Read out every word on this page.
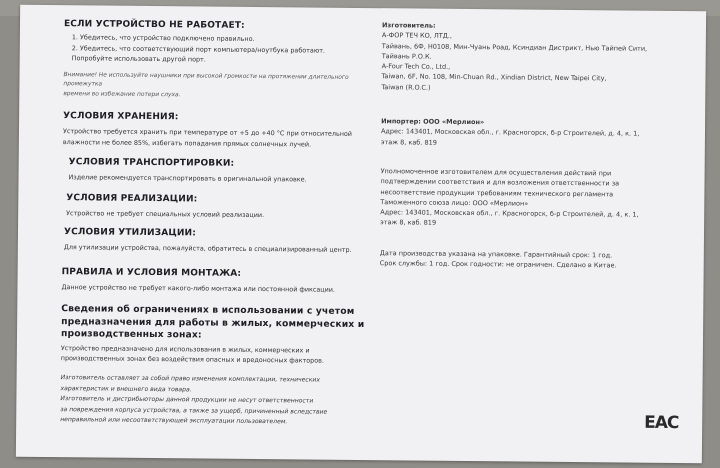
ЕСЛИ УСТРОЙСТВО НЕ РАБОТАЕТ:
1. Убедитесь, что устройство подключено правильно.
2. Убедитесь, что соответствующий порт компьютера/ноутбука работают.
Попробуйте использовать другой порт.
Внимание! Не используйте наушники при высокой громкости на протяжении длительного промежутка
времени во избежание потери слуха.
УСЛОВИЯ ХРАНЕНИЯ:
Устройство требуется хранить при температуре от +5 до +40 °C при относительной
влажности не более 85%, избегать попадания прямых солнечных лучей.
УСЛОВИЯ ТРАНСПОРТИРОВКИ:
Изделие рекомендуется транспортировать в оригинальной упаковке.
УСЛОВИЯ РЕАЛИЗАЦИИ:
Устройство не требует специальных условий реализации.
УСЛОВИЯ УТИЛИЗАЦИИ:
Для утилизации устройства, пожалуйста, обратитесь в специализированный центр.
ПРАВИЛА И УСЛОВИЯ МОНТАЖА:
Данное устройство не требует какого-либо монтажа или постоянной фиксации.
Сведения об ограничениях в использовании с учетом
предназначения для работы в жилых, коммерческих и
производственных зонах:
Устройство предназначено для использования в жилых, коммерческих и
производственных зонах без воздействия опасных и вредоносных факторов.
Изготовитель оставляет за собой право изменения комплектации, технических
характеристик и внешнего вида товара.
Изготовитель и дистрибьюторы данной продукции не несут ответственности
за повреждения корпуса устройства, а также за ущерб, причиненный вследствие
неправильной или несоответствующей эксплуатации пользователем.
Изготовитель:
А-ФОР ТЕЧ КО, ЛТД.,
Тайвань, 6Ф, Н0108, Мин-Чуань Роад, Ксиндиан Дистрикт, Нью Тайпей Сити,
Тайвань Р.О.К.
A-Four Tech Co., Ltd.,
Taiwan, 6F, No. 108, Min-Chuan Rd., Xindian District, New Taipei City,
Taiwan (R.O.C.)
Импортер: ООО «Мерлион»
Адрес: 143401, Московская обл., г. Красногорск, б-р Строителей, д. 4, к. 1,
этаж 8, каб. 819
Уполномоченное изготовителем для осуществления действий при
подтверждении соответствия и для возложения ответственности за
несоответствие продукции требованиям технического регламента
Таможенного союза лицо: ООО «Мерлион»
Адрес: 143401, Московская обл., г. Красногорск, б-р Строителей, д. 4, к. 1,
этаж 8, каб. 819
Дата производства указана на упаковке. Гарантийный срок: 1 год.
Срок службы: 1 год. Срок годности: не ограничен. Сделано в Китае.
EAC
